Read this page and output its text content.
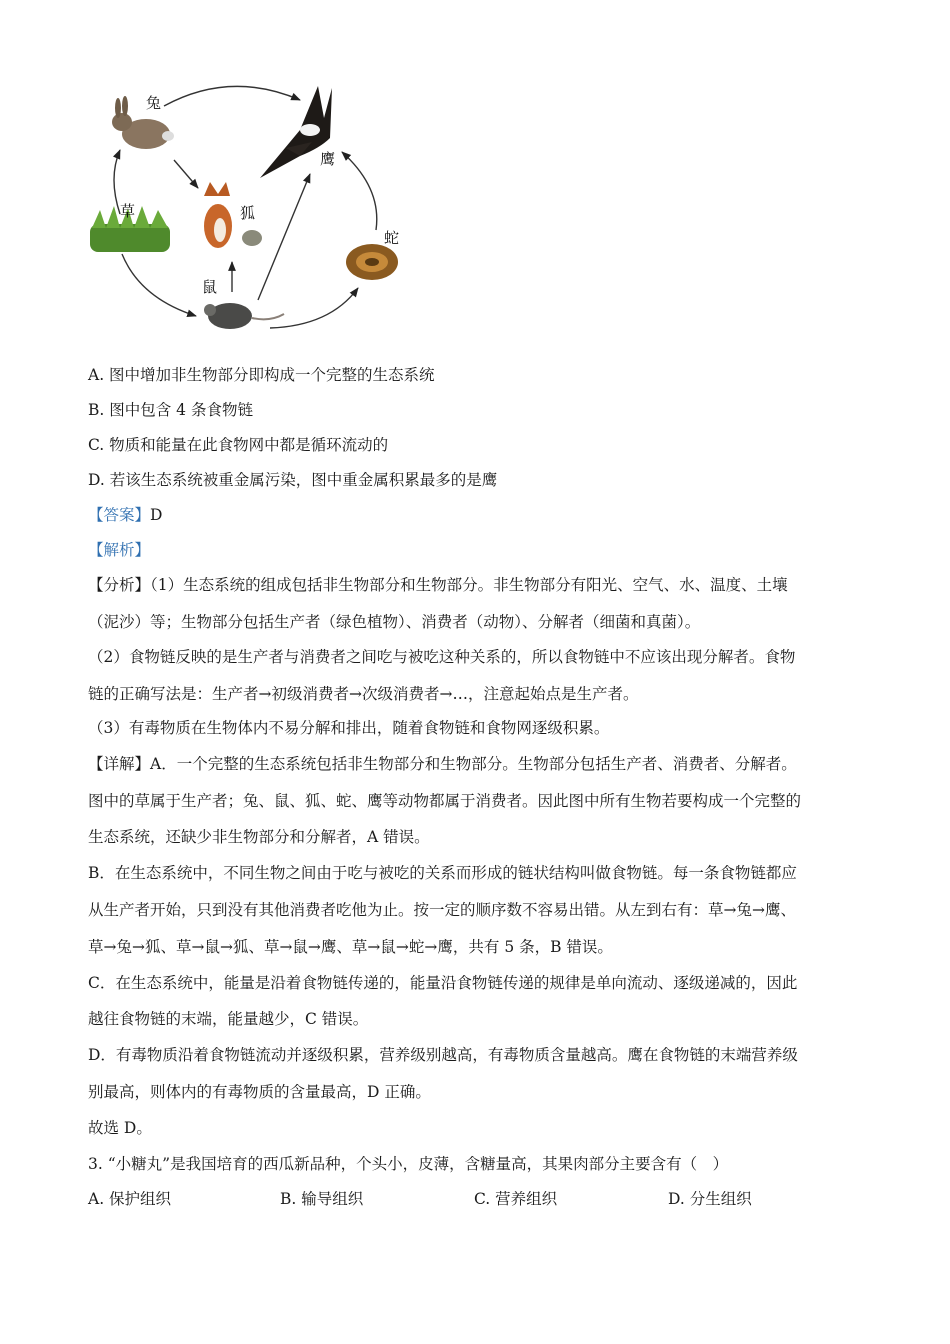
兔
鹰
草	狐
蛇
鼠
A. 图中增加非生物部分即构成一个完整的生态系统
B. 图中包含 4 条食物链
C. 物质和能量在此食物网中都是循环流动的
D. 若该生态系统被重金属污染，图中重金属积累最多的是鹰
【答案】D
【解析】
【分析】（1）生态系统的组成包括非生物部分和生物部分。非生物部分有阳光、空气、水、温度、土壤
（泥沙）等；生物部分包括生产者（绿色植物）、消费者（动物）、分解者（细菌和真菌）。
（2）食物链反映的是生产者与消费者之间吃与被吃这种关系的，所以食物链中不应该出现分解者。食物
链的正确写法是：生产者→初级消费者→次级消费者→…，注意起始点是生产者。
（3）有毒物质在生物体内不易分解和排出，随着食物链和食物网逐级积累。
【详解】A．一个完整的生态系统包括非生物部分和生物部分。生物部分包括生产者、消费者、分解者。
图中的草属于生产者；兔、鼠、狐、蛇、鹰等动物都属于消费者。因此图中所有生物若要构成一个完整的
生态系统，还缺少非生物部分和分解者，A 错误。
B．在生态系统中，不同生物之间由于吃与被吃的关系而形成的链状结构叫做食物链。每一条食物链都应
从生产者开始，只到没有其他消费者吃他为止。按一定的顺序数不容易出错。从左到右有：草→兔→鹰、
草→兔→狐、草→鼠→狐、草→鼠→鹰、草→鼠→蛇→鹰，共有 5 条，B 错误。
C．在生态系统中，能量是沿着食物链传递的，能量沿食物链传递的规律是单向流动、逐级递减的，因此
越往食物链的末端，能量越少，C 错误。
D．有毒物质沿着食物链流动并逐级积累，营养级别越高，有毒物质含量越高。鹰在食物链的末端营养级
别最高，则体内的有毒物质的含量最高，D 正确。
故选 D。
3. “小糖丸”是我国培育的西瓜新品种，个头小，皮薄，含糖量高，其果肉部分主要含有（　）
A. 保护组织	B. 输导组织	C. 营养组织	D. 分生组织
